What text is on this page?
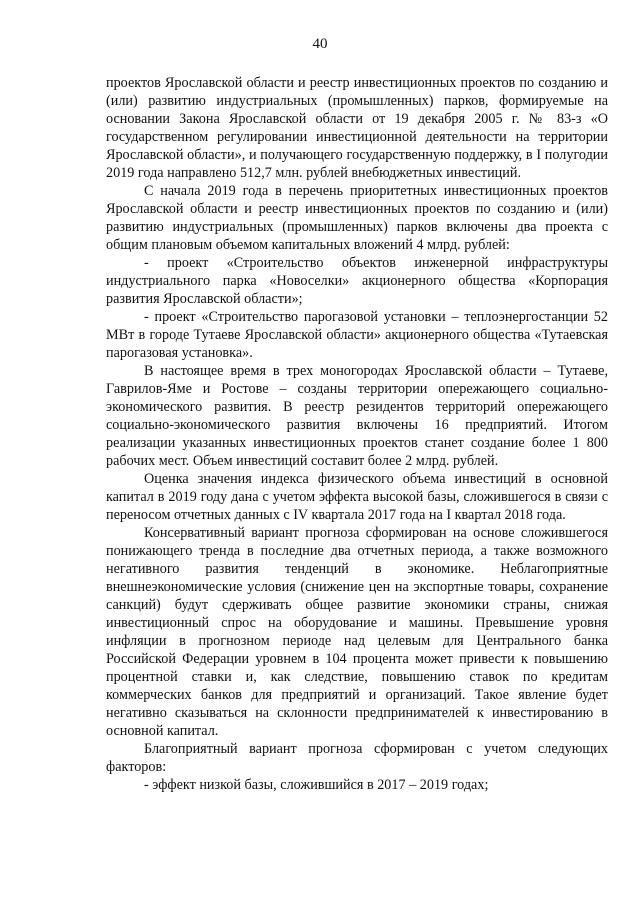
40

проектов Ярославской области и реестр инвестиционных проектов по созданию и (или) развитию индустриальных (промышленных) парков, формируемые на основании Закона Ярославской области от 19 декабря 2005 г. № 83-з «О государственном регулировании инвестиционной деятельности на территории Ярославской области», и получающего государственную поддержку, в I полугодии 2019 года направлено 512,7 млн. рублей внебюджетных инвестиций.

С начала 2019 года в перечень приоритетных инвестиционных проектов Ярославской области и реестр инвестиционных проектов по созданию и (или) развитию индустриальных (промышленных) парков включены два проекта с общим плановым объемом капитальных вложений 4 млрд. рублей:

- проект «Строительство объектов инженерной инфраструктуры индустриального парка «Новоселки» акционерного общества «Корпорация развития Ярославской области»;

- проект «Строительство парогазовой установки – теплоэнергостанции 52 МВт в городе Тутаеве Ярославской области» акционерного общества «Тутаевская парогазовая установка».

В настоящее время в трех моногородах Ярославской области – Тутаеве, Гаврилов-Яме и Ростове – созданы территории опережающего социально-экономического развития. В реестр резидентов территорий опережающего социально-экономического развития включены 16 предприятий. Итогом реализации указанных инвестиционных проектов станет создание более 1 800 рабочих мест. Объем инвестиций составит более 2 млрд. рублей.

Оценка значения индекса физического объема инвестиций в основной капитал в 2019 году дана с учетом эффекта высокой базы, сложившегося в связи с переносом отчетных данных с IV квартала 2017 года на I квартал 2018 года.

Консервативный вариант прогноза сформирован на основе сложившегося понижающего тренда в последние два отчетных периода, а также возможного негативного развития тенденций в экономике. Неблагоприятные внешнеэкономические условия (снижение цен на экспортные товары, сохранение санкций) будут сдерживать общее развитие экономики страны, снижая инвестиционный спрос на оборудование и машины. Превышение уровня инфляции в прогнозном периоде над целевым для Центрального банка Российской Федерации уровнем в 104 процента может привести к повышению процентной ставки и, как следствие, повышению ставок по кредитам коммерческих банков для предприятий и организаций. Такое явление будет негативно сказываться на склонности предпринимателей к инвестированию в основной капитал.

Благоприятный вариант прогноза сформирован с учетом следующих факторов:

- эффект низкой базы, сложившийся в 2017 – 2019 годах;
